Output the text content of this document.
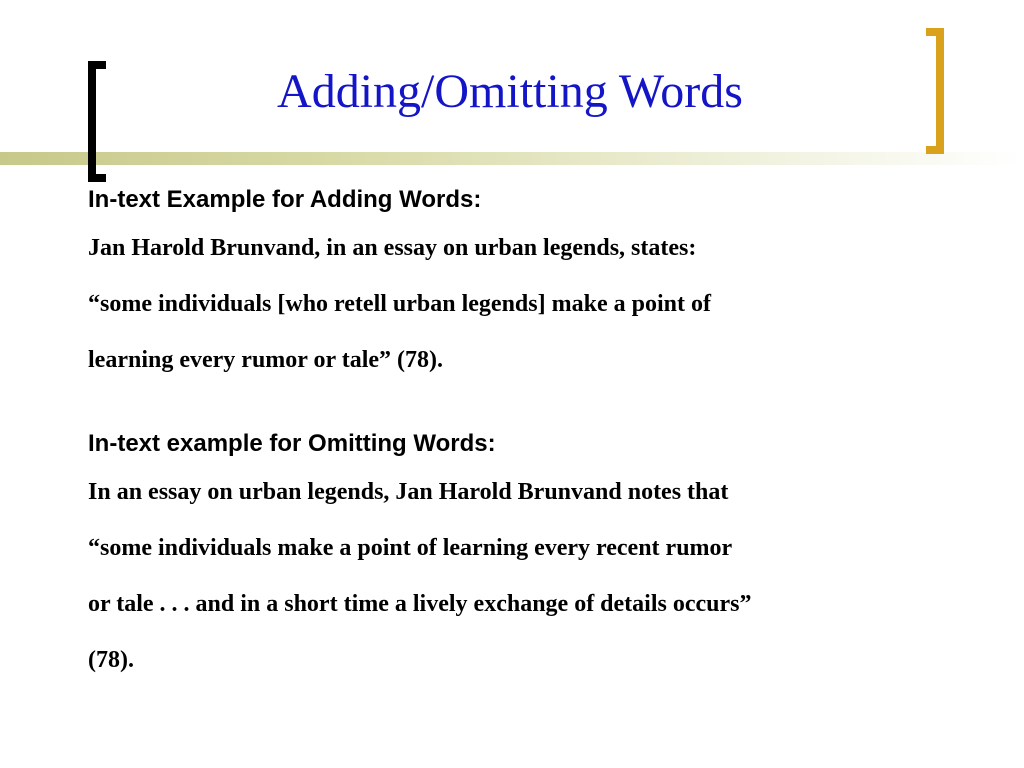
Adding/Omitting Words

In-text Example for Adding Words:

Jan Harold Brunvand, in an essay on urban legends, states:
“some individuals [who retell urban legends] make a point of
learning every rumor or tale” (78).

In-text example for Omitting Words:

In an essay on urban legends, Jan Harold Brunvand notes that
“some individuals make a point of learning every recent rumor
or tale . . . and in a short time a lively exchange of details occurs”
(78).
